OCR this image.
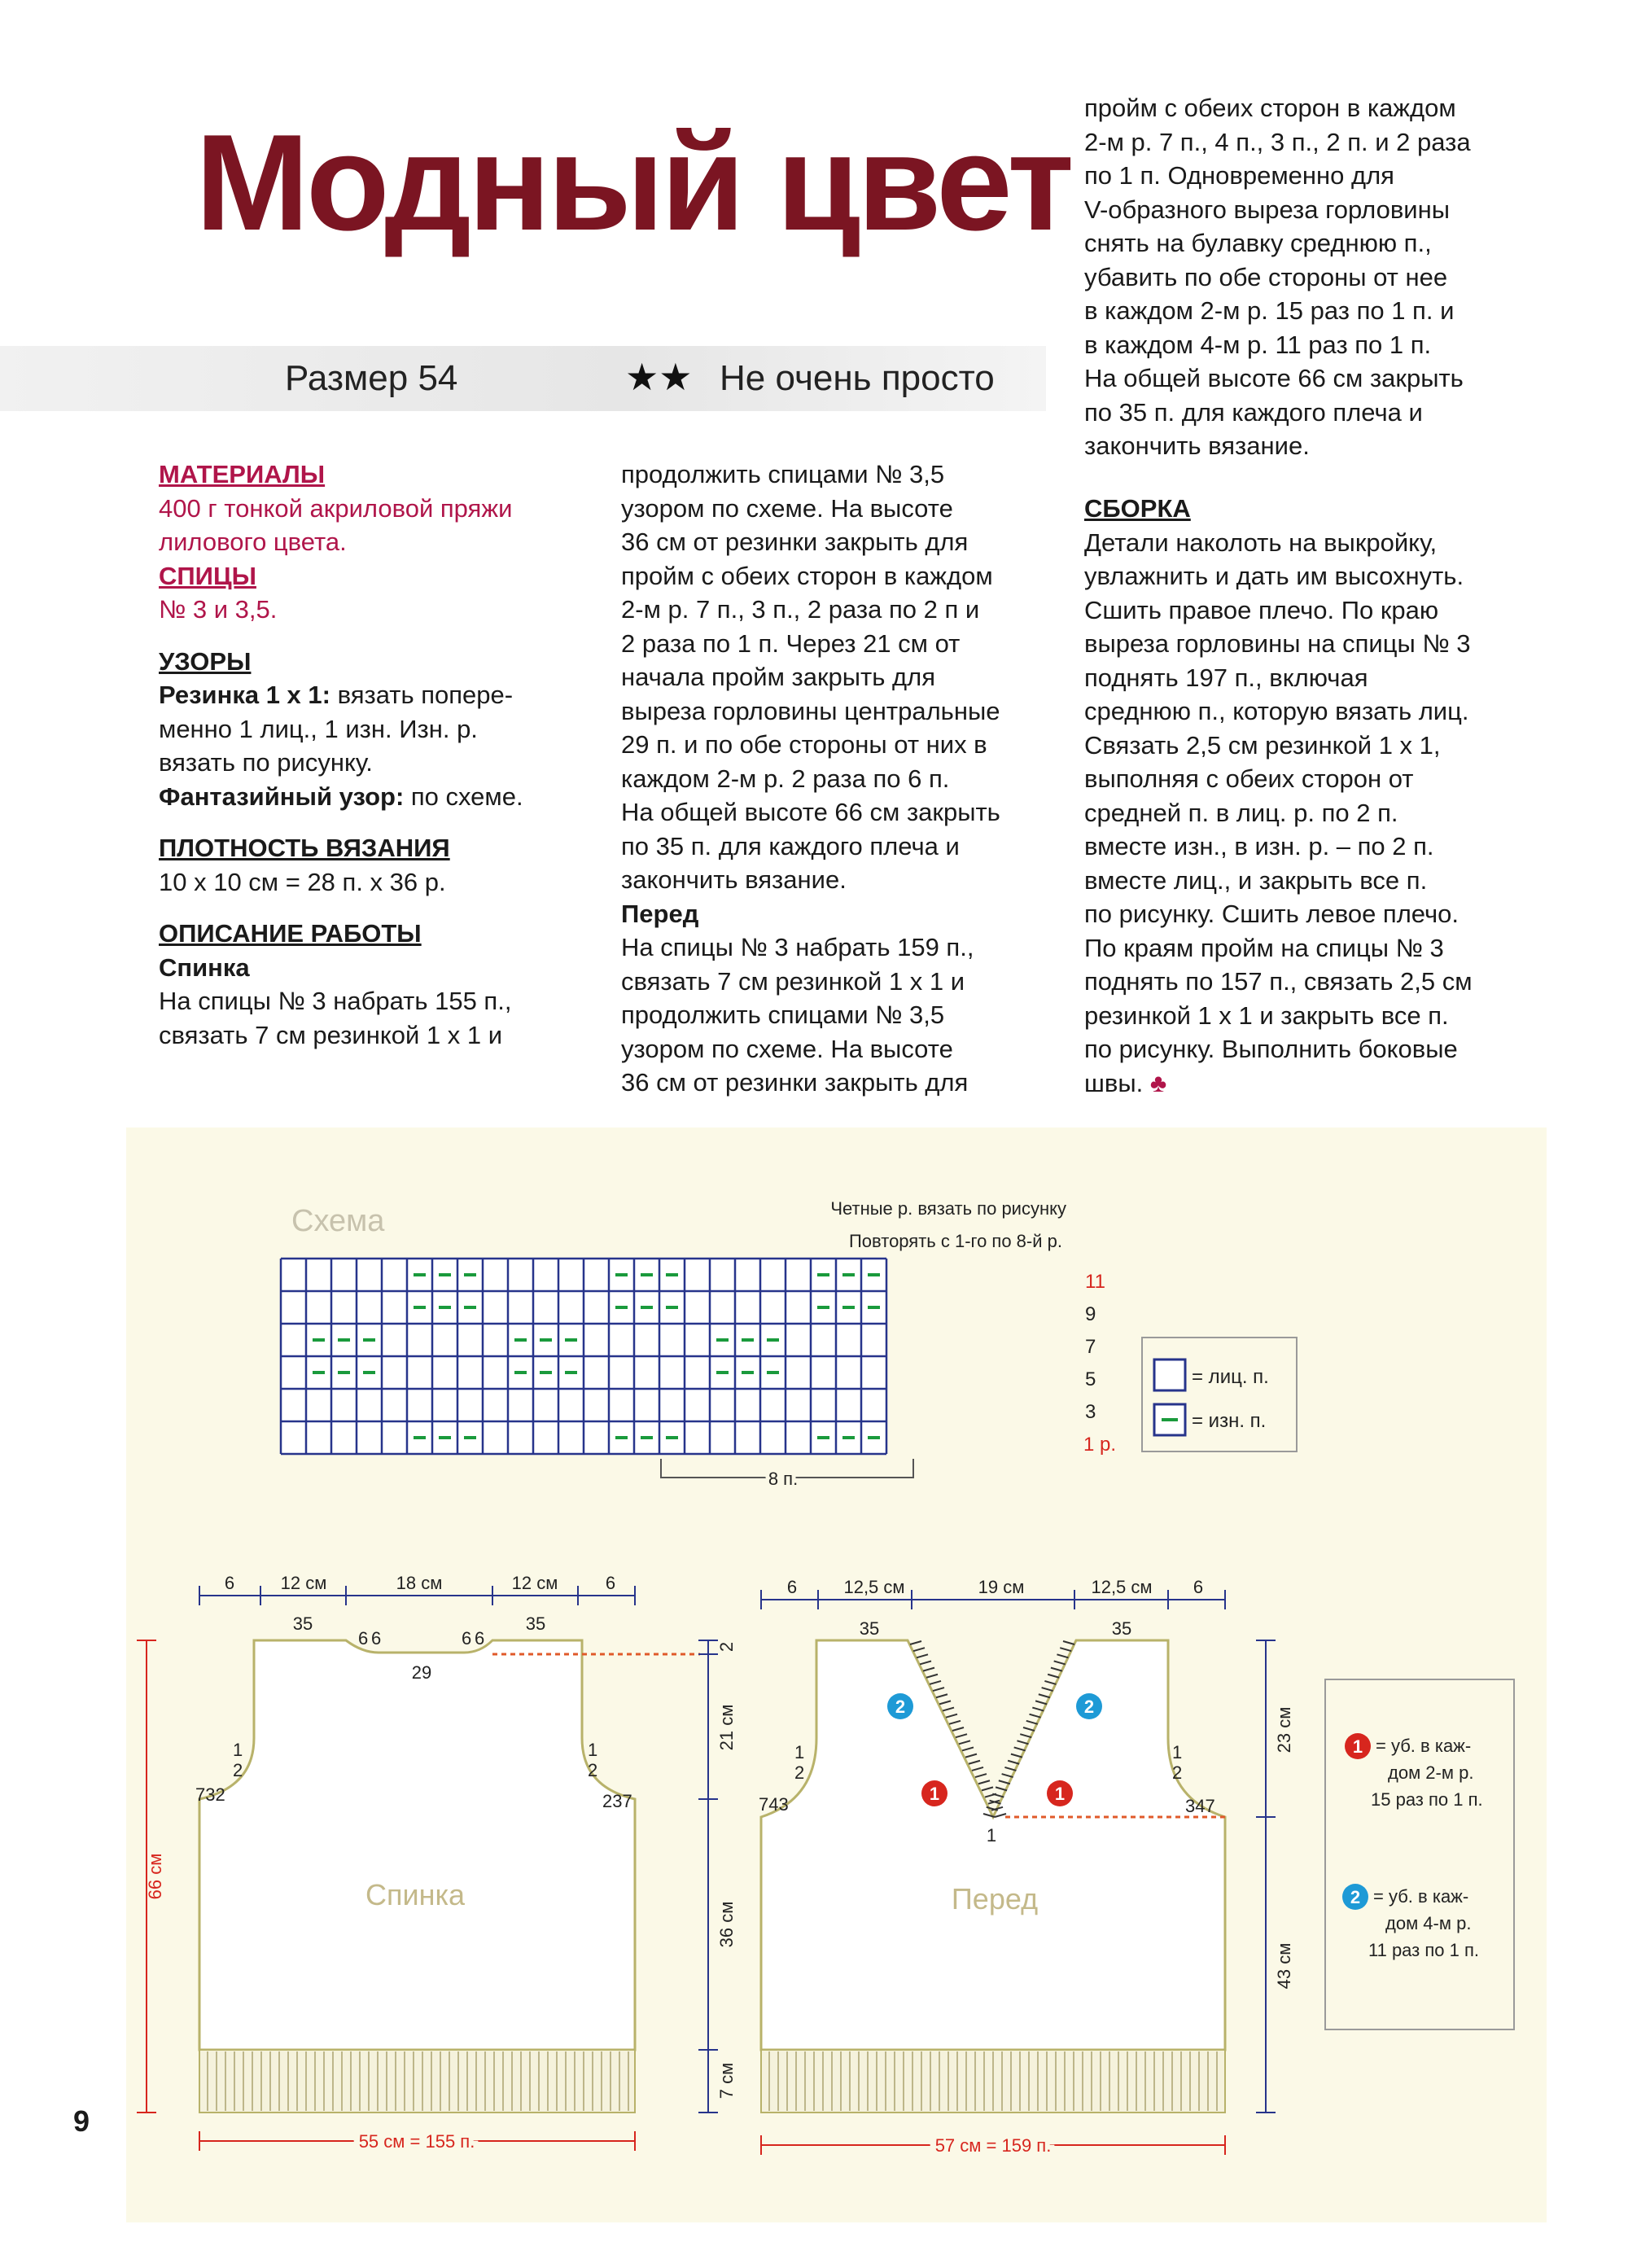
Модный цвет
Размер 54	★★ Не очень просто

МАТЕРИАЛЫ

400 г тонкой акриловой пряжи

лилового цвета.

СПИЦЫ

№ 3 и 3,5.

УЗОРЫ

Резинка 1 х 1: вязать попере-

менно 1 лиц., 1 изн. Изн. р.

вязать по рисунку.

Фантазийный узор: по схеме.

ПЛОТНОСТЬ ВЯЗАНИЯ

10 х 10 см = 28 п. х 36 р.

ОПИСАНИЕ РАБОТЫ

Спинка

На спицы № 3 набрать 155 п.,

связать 7 см резинкой 1 х 1 и

продолжить спицами № 3,5

узором по схеме. На высоте

36 см от резинки закрыть для

пройм с обеих сторон в каждом

2-м р. 7 п., 3 п., 2 раза по 2 п и

2 раза по 1 п. Через 21 см от

начала пройм закрыть для

выреза горловины центральные

29 п. и по обе стороны от них в

каждом 2-м р. 2 раза по 6 п.

На общей высоте 66 см закрыть

по 35 п. для каждого плеча и

закончить вязание.

Перед

На спицы № 3 набрать 159 п.,

связать 7 см резинкой 1 х 1 и

продолжить спицами № 3,5

узором по схеме. На высоте

36 см от резинки закрыть для

пройм с обеих сторон в каждом

2-м р. 7 п., 4 п., 3 п., 2 п. и 2 раза

по 1 п. Одновременно для

V-образного выреза горловины

снять на булавку среднюю п.,

убавить по обе стороны от нее

в каждом 2-м р. 15 раз по 1 п. и

в каждом 4-м р. 11 раз по 1 п.

На общей высоте 66 см закрыть

по 35 п. для каждого плеча и

закончить вязание.

СБОРКА

Детали наколоть на выкройку,

увлажнить и дать им высохнуть.

Сшить правое плечо. По краю

выреза горловины на спицы № 3

поднять 197 п., включая

среднюю п., которую вязать лиц.

Связать 2,5 см резинкой 1 х 1,

выполняя с обеих сторон от

средней п. в лиц. р. по 2 п.

вместе изн., в изн. р. – по 2 п.

вместе лиц., и закрыть все п.

по рисунку. Сшить левое плечо.

По краям пройм на спицы № 3

поднять по 157 п., связать 2,5 см

резинкой 1 х 1 и закрыть все п.

по рисунку. Выполнить боковые

швы. ♣

Схема	Четные р. вязать по рисунку
Повторять с 1-го по 8-й р.
11
9
7
5
3
1 р.
8 п.
= лиц. п.
= изн. п.
6	12 см	18 см	12 см	6
35	35
6 6	6 6
29
1
2
732
1
2
237
Спинка
66 см
55 см = 155 п.
2
21 см
36 см
7 см
6	12,5 см	19 см	12,5 см 6
35	35
1
2
743
1
2
347
1
2	2
1	1
Перед
57 см = 159 п.
23 см
43 см
1 = уб. в каж-
дом 2-м р.
15 раз по 1 п.
2 = уб. в каж-
дом 4-м р.
11 раз по 1 п.
9
